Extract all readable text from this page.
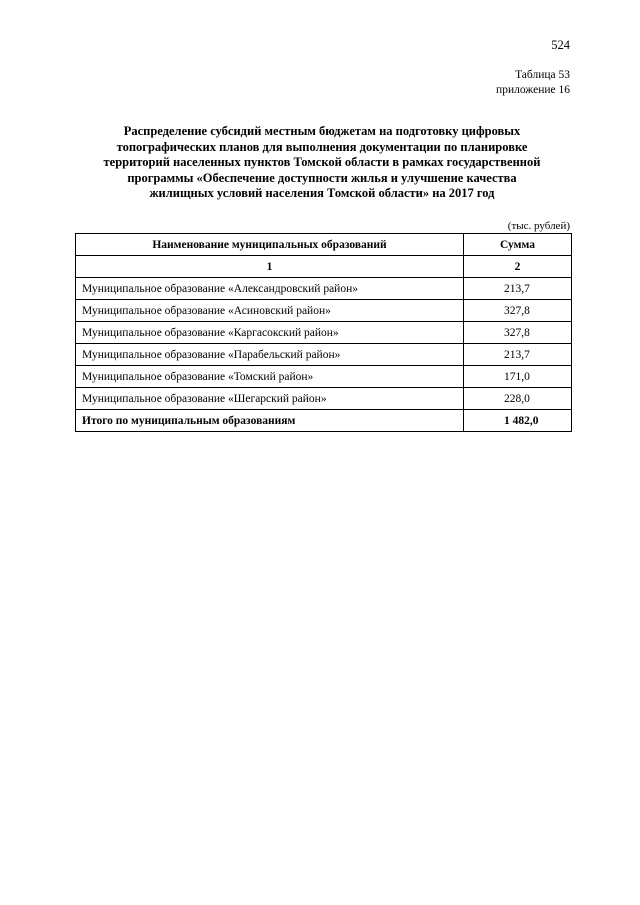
524
Таблица 53
приложение 16
Распределение субсидий местным бюджетам на подготовку цифровых
топографических планов для выполнения документации по планировке
территорий населенных пунктов Томской области в рамках государственной
программы «Обеспечение доступности жилья и улучшение качества
жилищных условий населения Томской области» на 2017 год
(тыс. рублей)
Наименование муниципальных образований	Сумма
1	2
Муниципальное образование «Александровский район»	213,7
Муниципальное образование «Асиновский район»	327,8
Муниципальное образование «Каргасокский район»	327,8
Муниципальное образование «Парабельский район»	213,7
Муниципальное образование «Томский район»	171,0
Муниципальное образование «Шегарский район»	228,0
Итого по муниципальным образованиям	1 482,0
